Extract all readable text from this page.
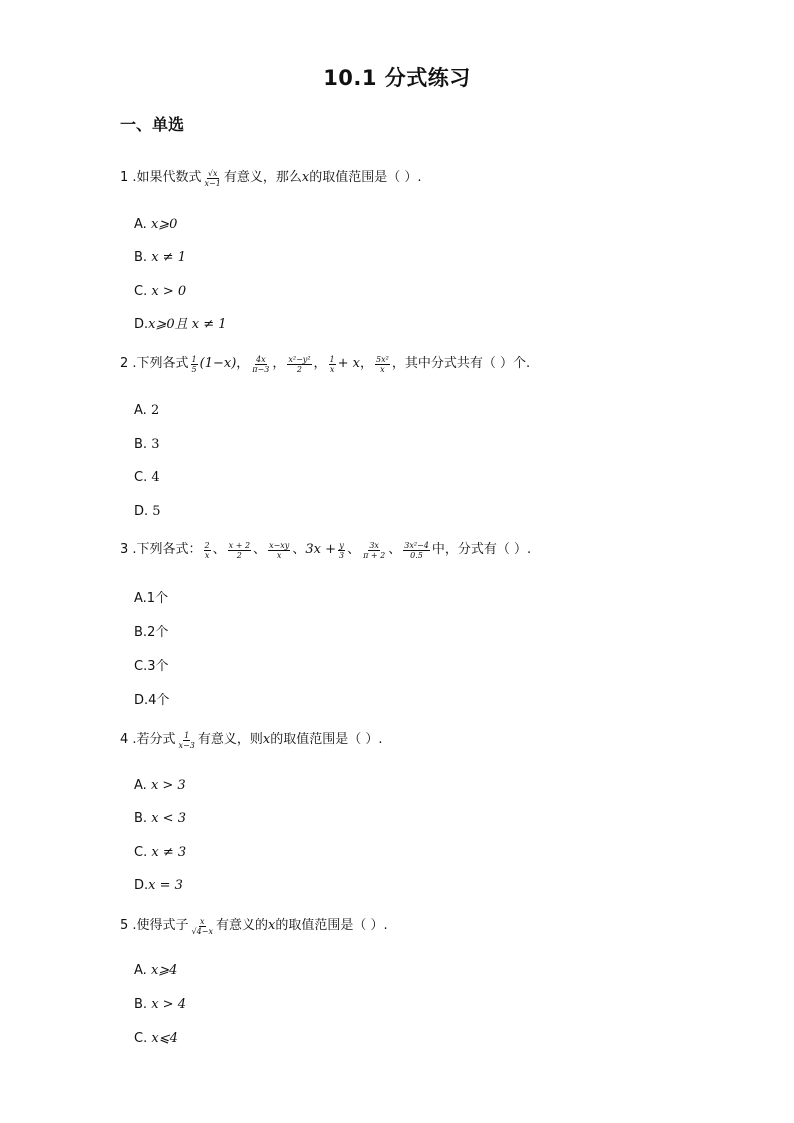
10.1 分式练习
一、单选
1 .如果代数式 $\frac{√x}{x-1}$ 有意义，那么 x 的取值范围是（ ）.
A. x⩾0
B. x ≠ 1
C. x > 0
D.x⩾0且 x ≠ 1
2 .下列各式 $\frac{1}{5} (1-x)$ ， $\frac{4x}{\pi-3}$ ， $\frac{\text{x²−y²}}{2}$ ， $\frac{1}{x} + x$ ， $\frac{\text{5x²}}{x}$ ，其中分式共有（ ）个.
A. 2
B. 3
C. 4
D. 5
3 .下列各式： $\frac{2}{x}$ 、 $\frac{x + 2}{2}$ 、 $\frac{x-xy}{x}$ 、 $3x + \frac{y}{3}$ 、 $\frac{3x}{\pi + 2}$ 、 $\frac{\text{3x²−4}}{0.5}$ 中，分式有（ ）.
A.1个
B.2个
C.3个
D.4个
4 .若分式 $\frac{1}{x-3}$ 有意义，则 x 的取值范围是（ ）.
A. x > 3
B. x < 3
C. x ≠ 3
D.x = 3
5 .使得式子 $\frac{x}{√4-x}$ 有意义的 x 的取值范围是（ ）.
A. x⩾4
B. x > 4
C. x⩽4
